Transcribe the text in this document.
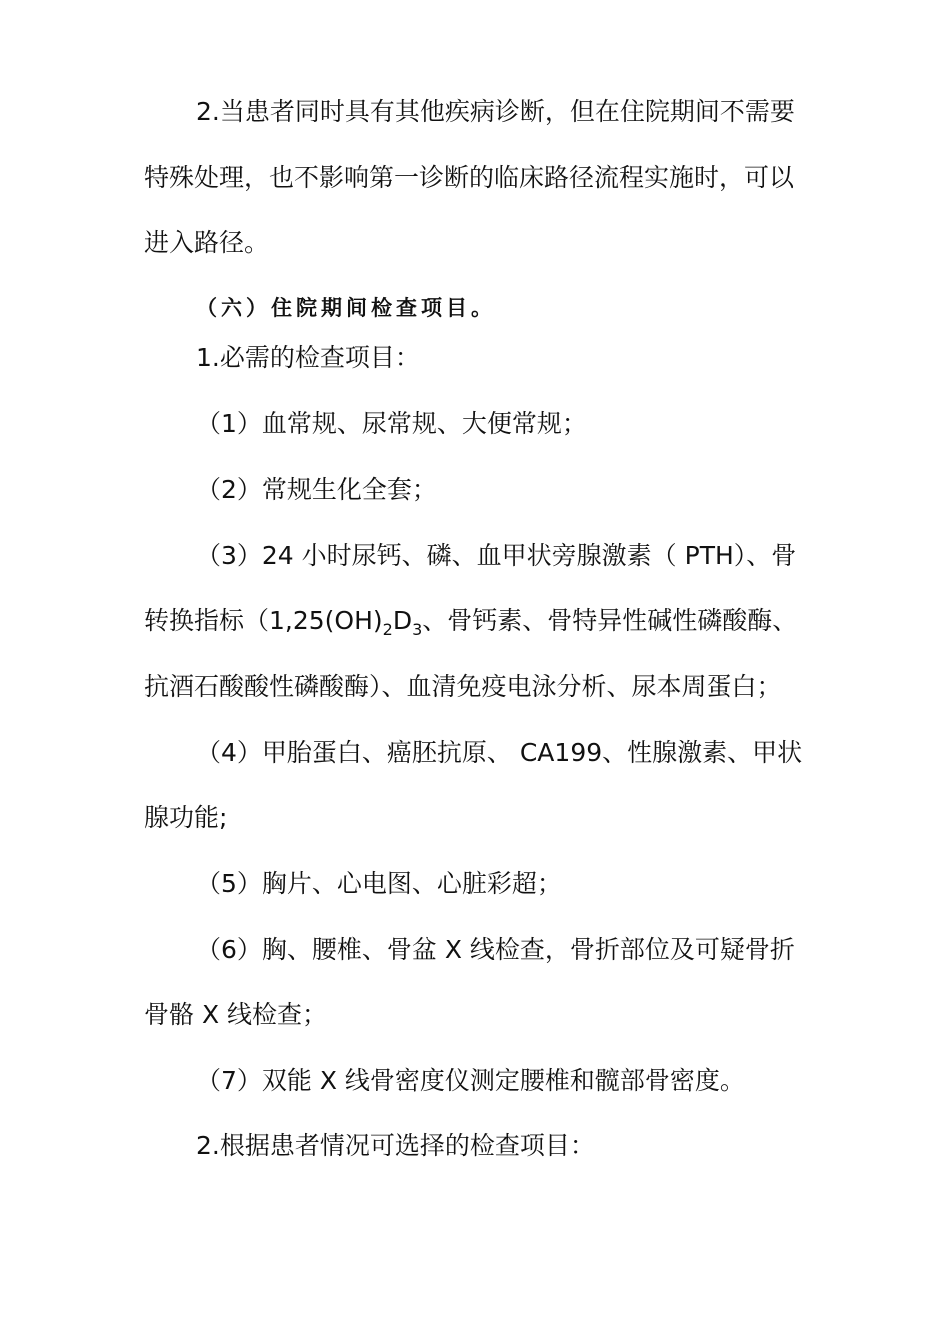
2.当患者同时具有其他疾病诊断，但在住院期间不需要

特殊处理，也不影响第一诊断的临床路径流程实施时，可以

进入路径。

（六）住院期间检查项目。

1.必需的检查项目：

（1）血常规、尿常规、大便常规；

（2）常规生化全套；

（3）24 小时尿钙、磷、血甲状旁腺激素（ PTH）、骨

转换指标（$1,25(OH)_2D_3$、骨钙素、骨特异性碱性磷酸酶、

抗酒石酸酸性磷酸酶）、血清免疫电泳分析、尿本周蛋白；

（4）甲胎蛋白、癌胚抗原、 CA199、性腺激素、甲状

腺功能;

（5）胸片、心电图、心脏彩超；

（6）胸、腰椎、骨盆 X 线检查，骨折部位及可疑骨折

骨骼 X 线检查；

（7）双能 X 线骨密度仪测定腰椎和髋部骨密度。

2.根据患者情况可选择的检查项目：
